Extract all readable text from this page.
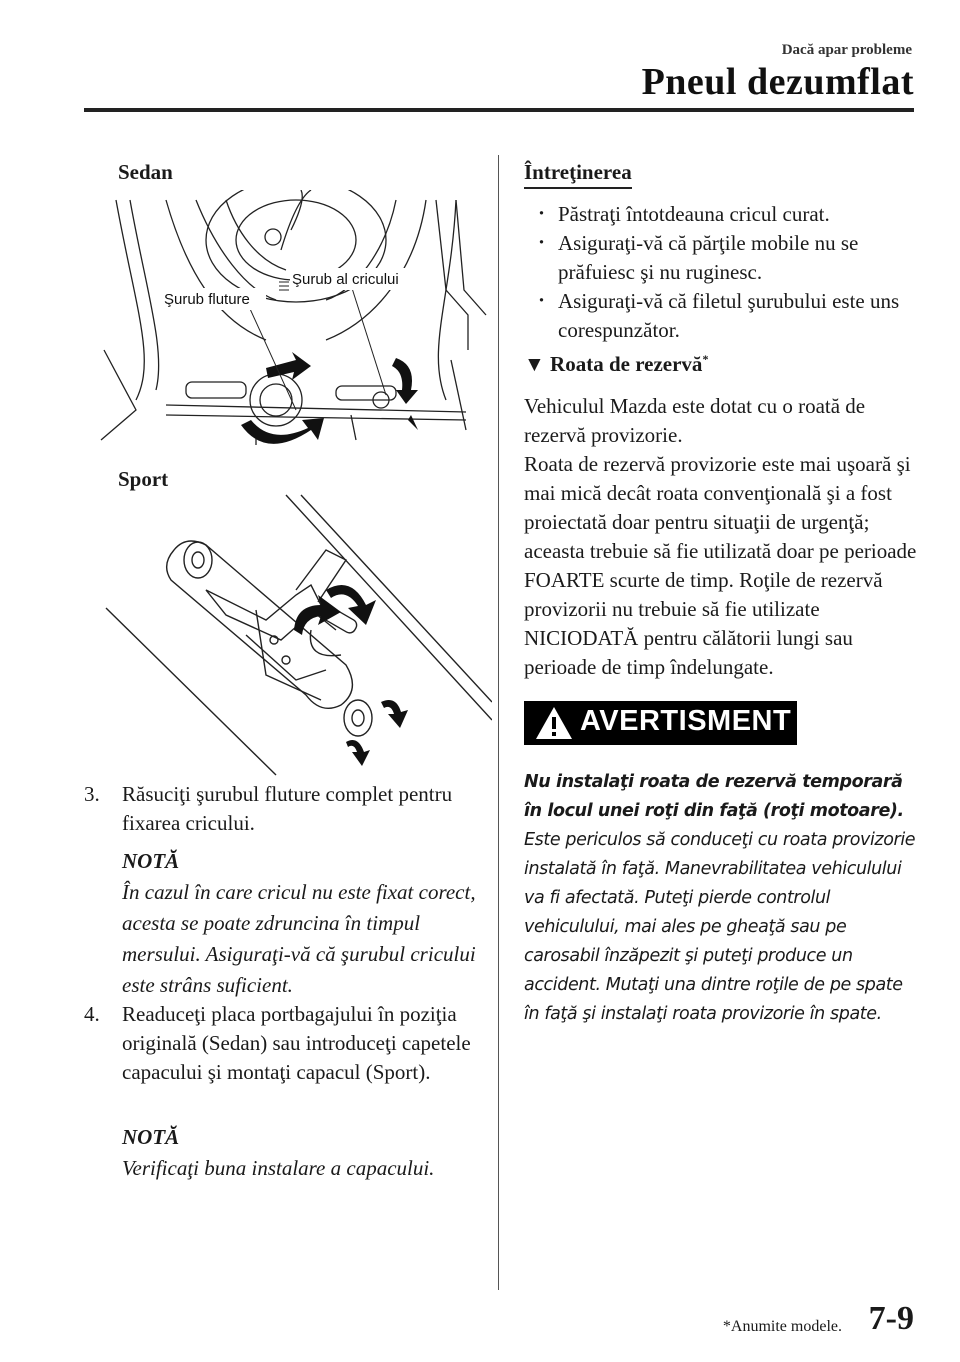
Dacă apar probleme
Pneul dezumflat
Sedan
Şurub fluture
Şurub al cricului
Sport
3. Răsuciţi şurubul fluture complet pentru fixarea cricului.
NOTĂ
În cazul în care cricul nu este fixat corect, acesta se poate zdruncina în timpul mersului. Asiguraţi-vă că şurubul cricului este strâns suficient.
4. Readuceţi placa portbagajului în poziţia originală (Sedan) sau introduceţi capetele capacului şi montaţi capacul (Sport).
NOTĂ
Verificaţi buna instalare a capacului.
Întreţinerea
· Păstraţi întotdeauna cricul curat.
· Asiguraţi-vă că părţile mobile nu se prăfuiesc şi nu ruginesc.
· Asiguraţi-vă că filetul şurubului este uns corespunzător.
▼ Roata de rezervă*
Vehiculul Mazda este dotat cu o roată de rezervă provizorie.
Roata de rezervă provizorie este mai uşoară şi mai mică decât roata convenţională şi a fost proiectată doar pentru situaţii de urgenţă; aceasta trebuie să fie utilizată doar pe perioade FOARTE scurte de timp. Roţile de rezervă provizorii nu trebuie să fie utilizate NICIODATĂ pentru călătorii lungi sau perioade de timp îndelungate.
AVERTISMENT
Nu instalaţi roata de rezervă temporară în locul unei roţi din faţă (roţi motoare).
Este periculos să conduceţi cu roata provizorie instalată în faţă. Manevrabilitatea vehiculului va fi afectată. Puteţi pierde controlul vehiculului, mai ales pe gheaţă sau pe carosabil înzăpezit şi puteţi produce un accident. Mutaţi una dintre roţile de pe spate în faţă şi instalaţi roata provizorie în spate.
*Anumite modele. 7-9
